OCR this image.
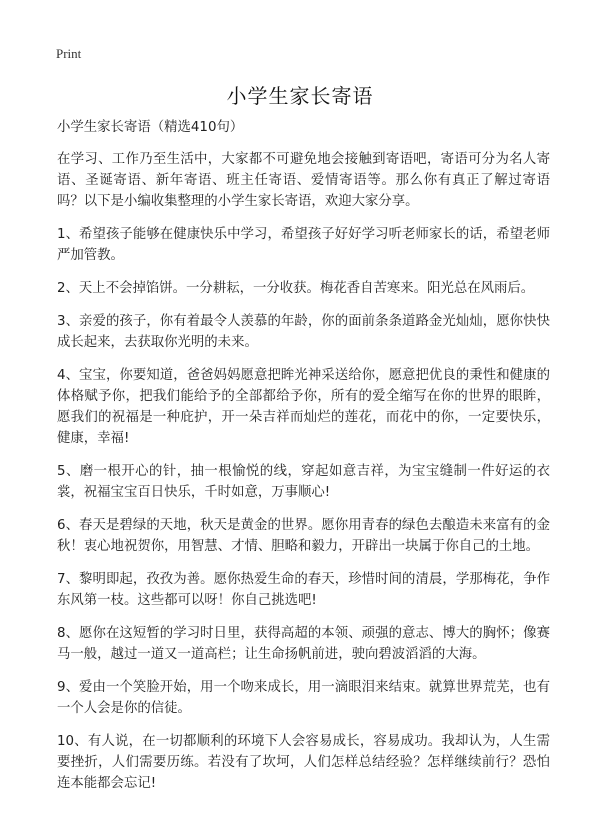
Print
小学生家长寄语

小学生家长寄语（精选410句）

在学习、工作乃至生活中，大家都不可避免地会接触到寄语吧，寄语可分为名人寄语、圣诞寄语、新年寄语、班主任寄语、爱情寄语等。那么你有真正了解过寄语吗？以下是小编收集整理的小学生家长寄语，欢迎大家分享。

1、希望孩子能够在健康快乐中学习，希望孩子好好学习听老师家长的话，希望老师严加管教。

2、天上不会掉馅饼。一分耕耘，一分收获。梅花香自苦寒来。阳光总在风雨后。

3、亲爱的孩子，你有着最令人羡慕的年龄，你的面前条条道路金光灿灿，愿你快快成长起来，去获取你光明的未来。

4、宝宝，你要知道，爸爸妈妈愿意把眸光神采送给你，愿意把优良的秉性和健康的体格赋予你，把我们能给予的全部都给予你，所有的爱全缩写在你的世界的眼眸，愿我们的祝福是一种庇护，开一朵吉祥而灿烂的莲花，而花中的你，一定要快乐，健康，幸福!

5、磨一根开心的针，抽一根愉悦的线，穿起如意吉祥，为宝宝缝制一件好运的衣裳，祝福宝宝百日快乐，千时如意，万事顺心!

6、春天是碧绿的天地，秋天是黄金的世界。愿你用青春的绿色去酿造未来富有的金秋！衷心地祝贺你，用智慧、才情、胆略和毅力，开辟出一块属于你自己的土地。

7、黎明即起，孜孜为善。愿你热爱生命的春天，珍惜时间的清晨，学那梅花，争作东风第一枝。这些都可以呀！你自己挑选吧!

8、愿你在这短暂的学习时日里，获得高超的本领、顽强的意志、博大的胸怀；像赛马一般，越过一道又一道高栏；让生命扬帆前进，驶向碧波滔滔的大海。

9、爱由一个笑脸开始，用一个吻来成长，用一滴眼泪来结束。就算世界荒芜，也有一个人会是你的信徒。

10、有人说，在一切都顺利的环境下人会容易成长，容易成功。我却认为，人生需要挫折，人们需要历练。若没有了坎坷，人们怎样总结经验？怎样继续前行？恐怕连本能都会忘记!
